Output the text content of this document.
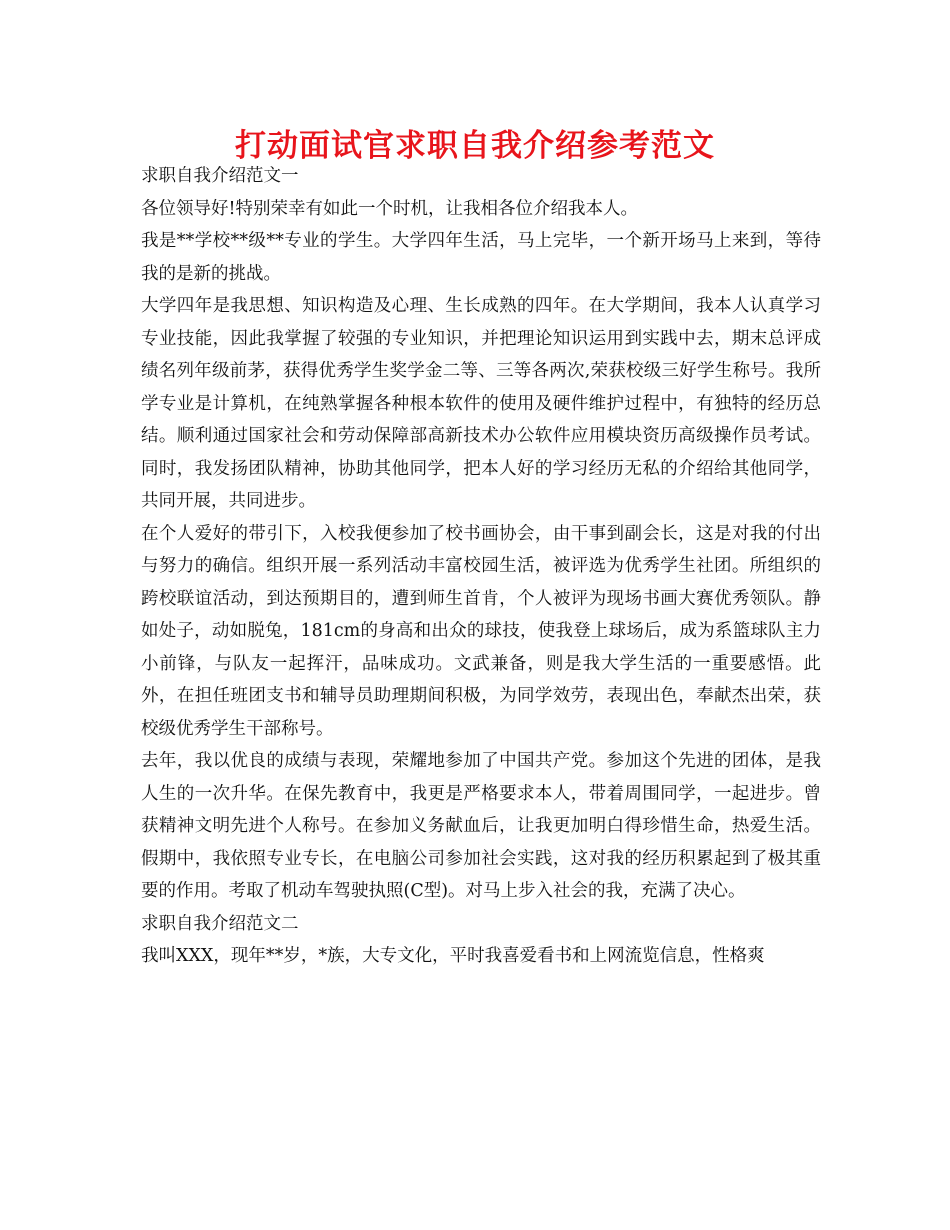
打动面试官求职自我介绍参考范文

求职自我介绍范文一

各位领导好!特别荣幸有如此一个时机，让我相各位介绍我本人。

我是**学校**级**专业的学生。大学四年生活，马上完毕，一个新开场马上来到，等待我的是新的挑战。

大学四年是我思想、知识构造及心理、生长成熟的四年。在大学期间，我本人认真学习专业技能，因此我掌握了较强的专业知识，并把理论知识运用到实践中去，期末总评成绩名列年级前茅，获得优秀学生奖学金二等、三等各两次,荣获校级三好学生称号。我所学专业是计算机，在纯熟掌握各种根本软件的使用及硬件维护过程中，有独特的经历总结。顺利通过国家社会和劳动保障部高新技术办公软件应用模块资历高级操作员考试。同时，我发扬团队精神，协助其他同学，把本人好的学习经历无私的介绍给其他同学，共同开展，共同进步。

在个人爱好的带引下，入校我便参加了校书画协会，由干事到副会长，这是对我的付出与努力的确信。组织开展一系列活动丰富校园生活，被评选为优秀学生社团。所组织的跨校联谊活动，到达预期目的，遭到师生首肯，个人被评为现场书画大赛优秀领队。静如处子，动如脱兔，181cm的身高和出众的球技，使我登上球场后，成为系篮球队主力小前锋，与队友一起挥汗，品味成功。文武兼备，则是我大学生活的一重要感悟。此外，在担任班团支书和辅导员助理期间积极，为同学效劳，表现出色，奉献杰出荣，获校级优秀学生干部称号。

去年，我以优良的成绩与表现，荣耀地参加了中国共产党。参加这个先进的团体，是我人生的一次升华。在保先教育中，我更是严格要求本人，带着周围同学，一起进步。曾获精神文明先进个人称号。在参加义务献血后，让我更加明白得珍惜生命，热爱生活。假期中，我依照专业专长，在电脑公司参加社会实践，这对我的经历积累起到了极其重要的作用。考取了机动车驾驶执照(C型)。对马上步入社会的我，充满了决心。

求职自我介绍范文二

我叫XXX，现年**岁，*族，大专文化，平时我喜爱看书和上网流览信息，性格爽
